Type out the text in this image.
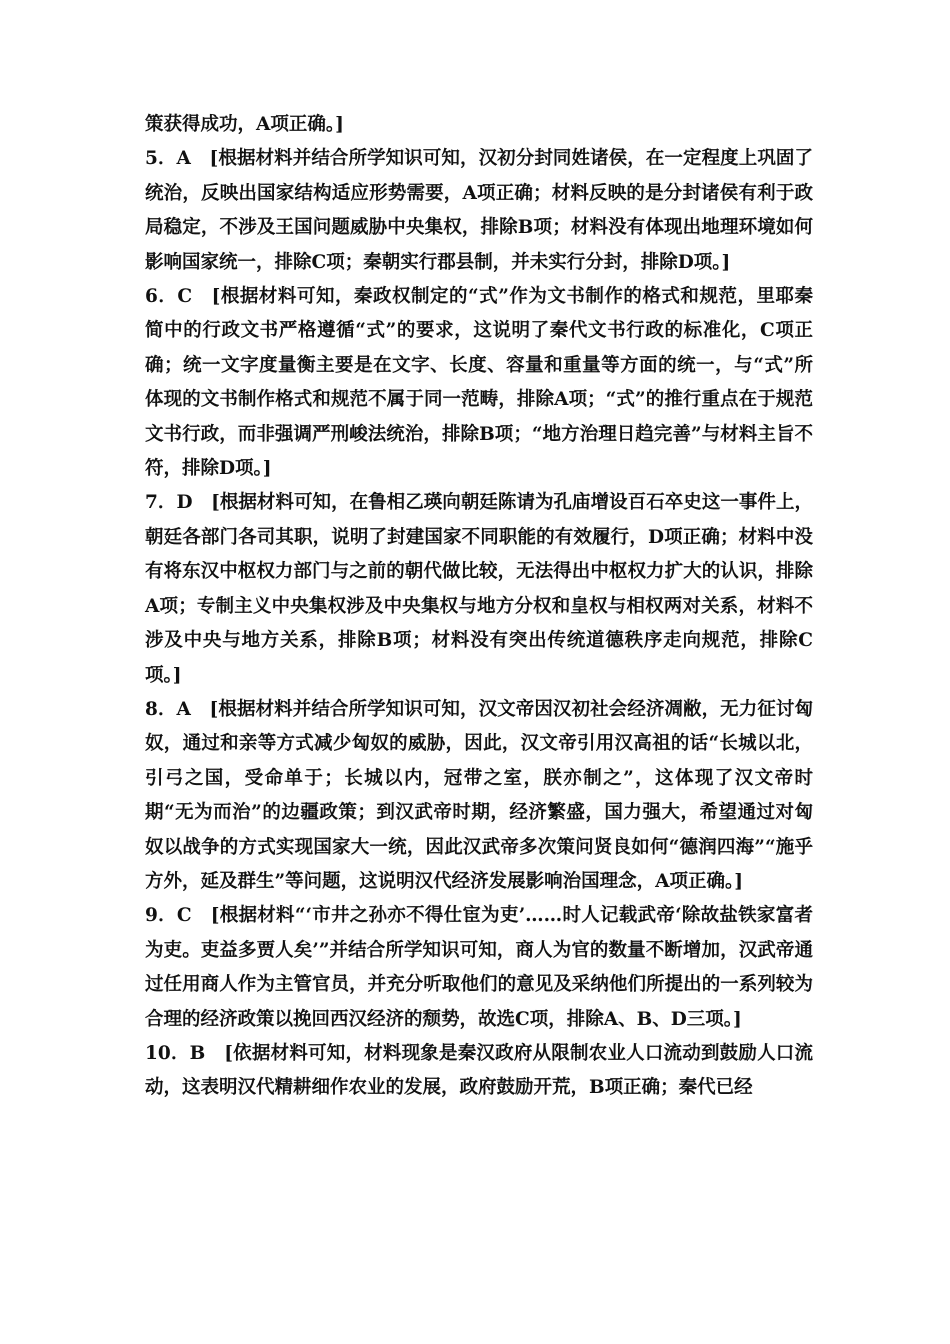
策获得成功，A项正确。]

5．A　[根据材料并结合所学知识可知，汉初分封同姓诸侯，在一定程度上巩固了统治，反映出国家结构适应形势需要，A项正确；材料反映的是分封诸侯有利于政局稳定，不涉及王国问题威胁中央集权，排除B项；材料没有体现出地理环境如何影响国家统一，排除C项；秦朝实行郡县制，并未实行分封，排除D项。]

6．C　[根据材料可知，秦政权制定的“式”作为文书制作的格式和规范，里耶秦简中的行政文书严格遵循“式”的要求，这说明了秦代文书行政的标准化，C项正确；统一文字度量衡主要是在文字、长度、容量和重量等方面的统一，与“式”所体现的文书制作格式和规范不属于同一范畴，排除A项；“式”的推行重点在于规范文书行政，而非强调严刑峻法统治，排除B项；“地方治理日趋完善”与材料主旨不符，排除D项。]

7．D　[根据材料可知，在鲁相乙瑛向朝廷陈请为孔庙增设百石卒史这一事件上，朝廷各部门各司其职，说明了封建国家不同职能的有效履行，D项正确；材料中没有将东汉中枢权力部门与之前的朝代做比较，无法得出中枢权力扩大的认识，排除A项；专制主义中央集权涉及中央集权与地方分权和皇权与相权两对关系，材料不涉及中央与地方关系，排除B项；材料没有突出传统道德秩序走向规范，排除C项。]

8．A　[根据材料并结合所学知识可知，汉文帝因汉初社会经济凋敝，无力征讨匈奴，通过和亲等方式减少匈奴的威胁，因此，汉文帝引用汉高祖的话“长城以北，引弓之国，受命单于；长城以内，冠带之室，朕亦制之”，这体现了汉文帝时期“无为而治”的边疆政策；到汉武帝时期，经济繁盛，国力强大，希望通过对匈奴以战争的方式实现国家大一统，因此汉武帝多次策问贤良如何“德润四海”“施乎方外，延及群生”等问题，这说明汉代经济发展影响治国理念，A项正确。]

9．C　[根据材料“‘市井之孙亦不得仕宦为吏’……时人记载武帝‘除故盐铁家富者为吏。吏益多贾人矣’”并结合所学知识可知，商人为官的数量不断增加，汉武帝通过任用商人作为主管官员，并充分听取他们的意见及采纳他们所提出的一系列较为合理的经济政策以挽回西汉经济的颓势，故选C项，排除A、B、D三项。]

10．B　[依据材料可知，材料现象是秦汉政府从限制农业人口流动到鼓励人口流动，这表明汉代精耕细作农业的发展，政府鼓励开荒，B项正确；秦代已经
